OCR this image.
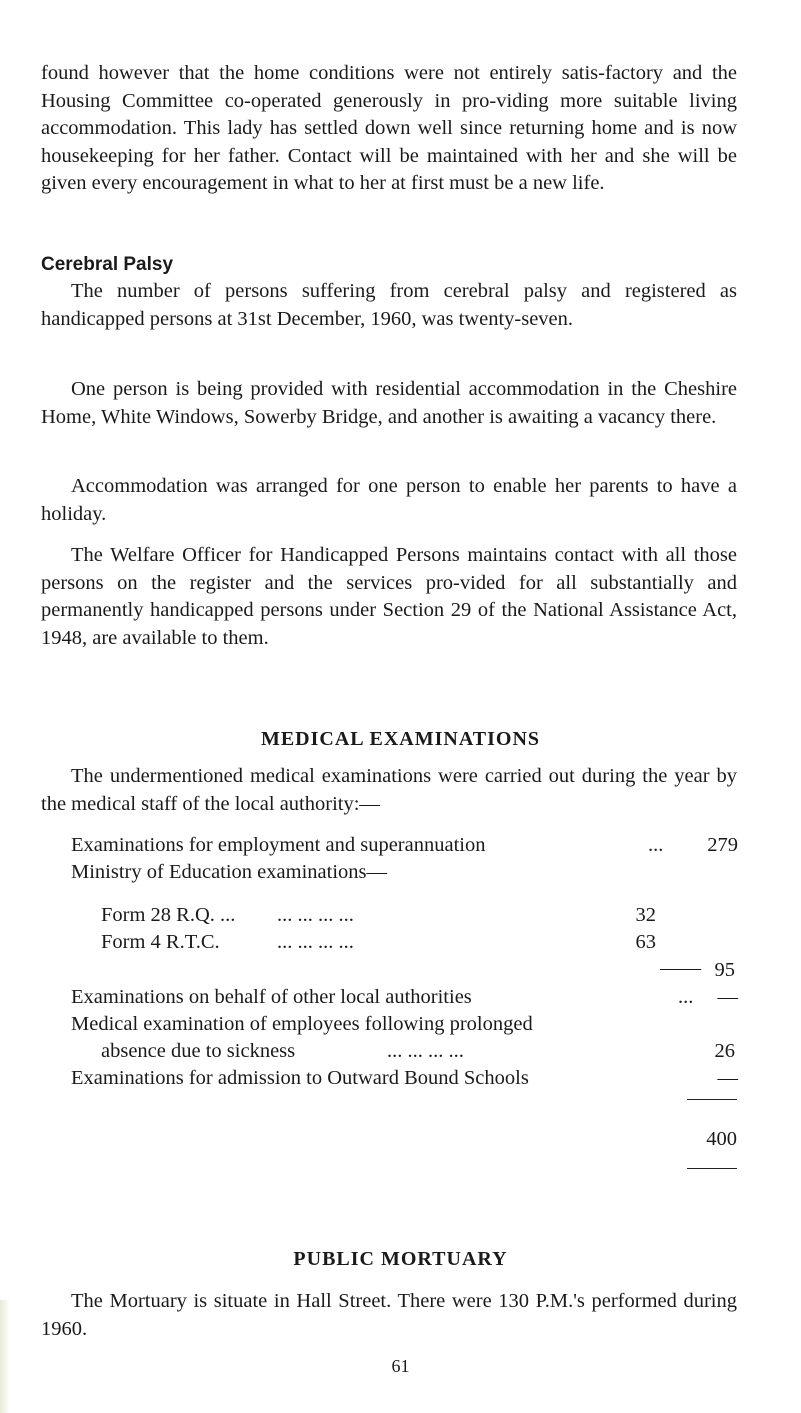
found however that the home conditions were not entirely satis-factory and the Housing Committee co-operated generously in pro-viding more suitable living accommodation. This lady has settled down well since returning home and is now housekeeping for her father. Contact will be maintained with her and she will be given every encouragement in what to her at first must be a new life.

Cerebral Palsy

The number of persons suffering from cerebral palsy and registered as handicapped persons at 31st December, 1960, was twenty-seven.

One person is being provided with residential accommodation in the Cheshire Home, White Windows, Sowerby Bridge, and another is awaiting a vacancy there.

Accommodation was arranged for one person to enable her parents to have a holiday.

The Welfare Officer for Handicapped Persons maintains contact with all those persons on the register and the services pro-vided for all substantially and permanently handicapped persons under Section 29 of the National Assistance Act, 1948, are available to them.

MEDICAL EXAMINATIONS

The undermentioned medical examinations were carried out during the year by the medical staff of the local authority:—

Examinations for employment and superannuation	...	279
Ministry of Education examinations—
Form 28 R.Q. ... ... ... ... ...	32
Form 4 R.T.C.	... ... ... ...	63
—— 95
Examinations on behalf of other local authorities	...	—
Medical examination of employees following prolonged
absence due to sickness	... ... ... ...	26
Examinations for admission to Outward Bound Schools	—
400
PUBLIC MORTUARY

The Mortuary is situate in Hall Street. There were 130 P.M.'s performed during 1960.

61
